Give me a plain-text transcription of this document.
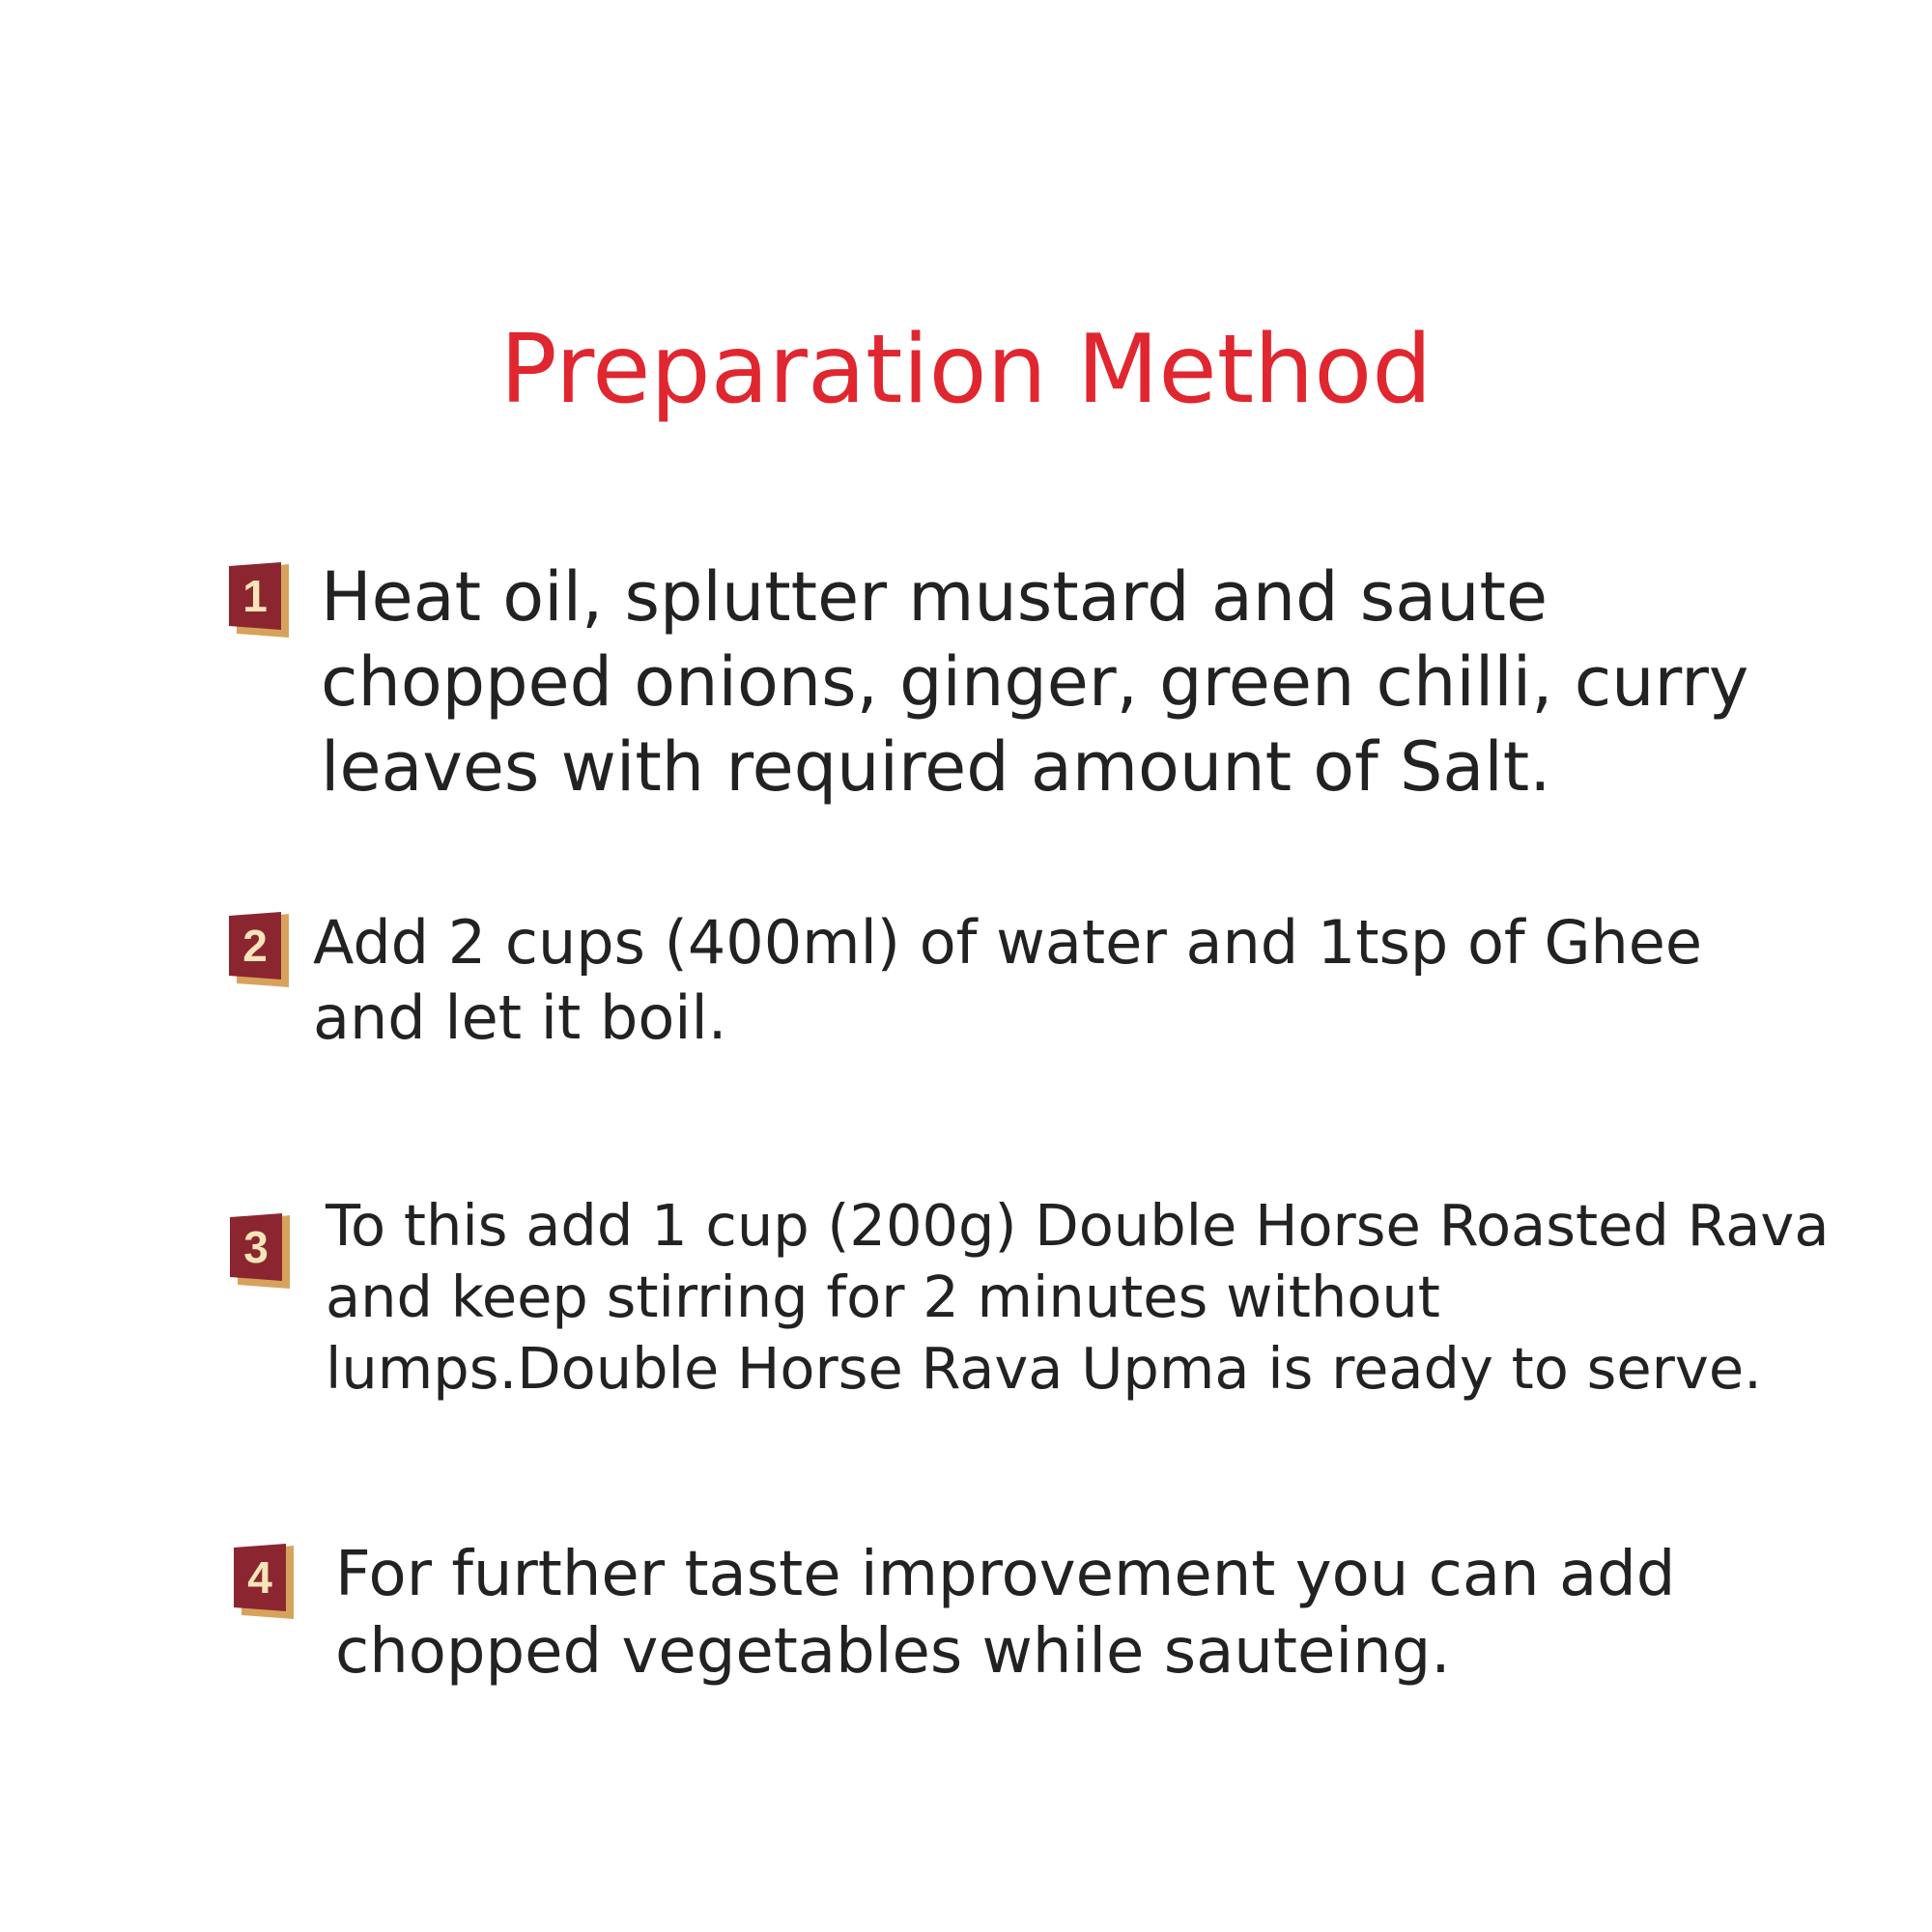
Preparation Method
1 Heat oil, splutter mustard and saute chopped onions, ginger, green chilli, curry leaves with required amount of Salt.

2 Add 2 cups (400ml) of water and 1tsp of Ghee and let it boil.

3 To this add 1 cup (200g) Double Horse Roasted Rava and keep stirring for 2 minutes without lumps.Double Horse Rava Upma is ready to serve.

4 For further taste improvement you can add chopped vegetables while sauteing.
